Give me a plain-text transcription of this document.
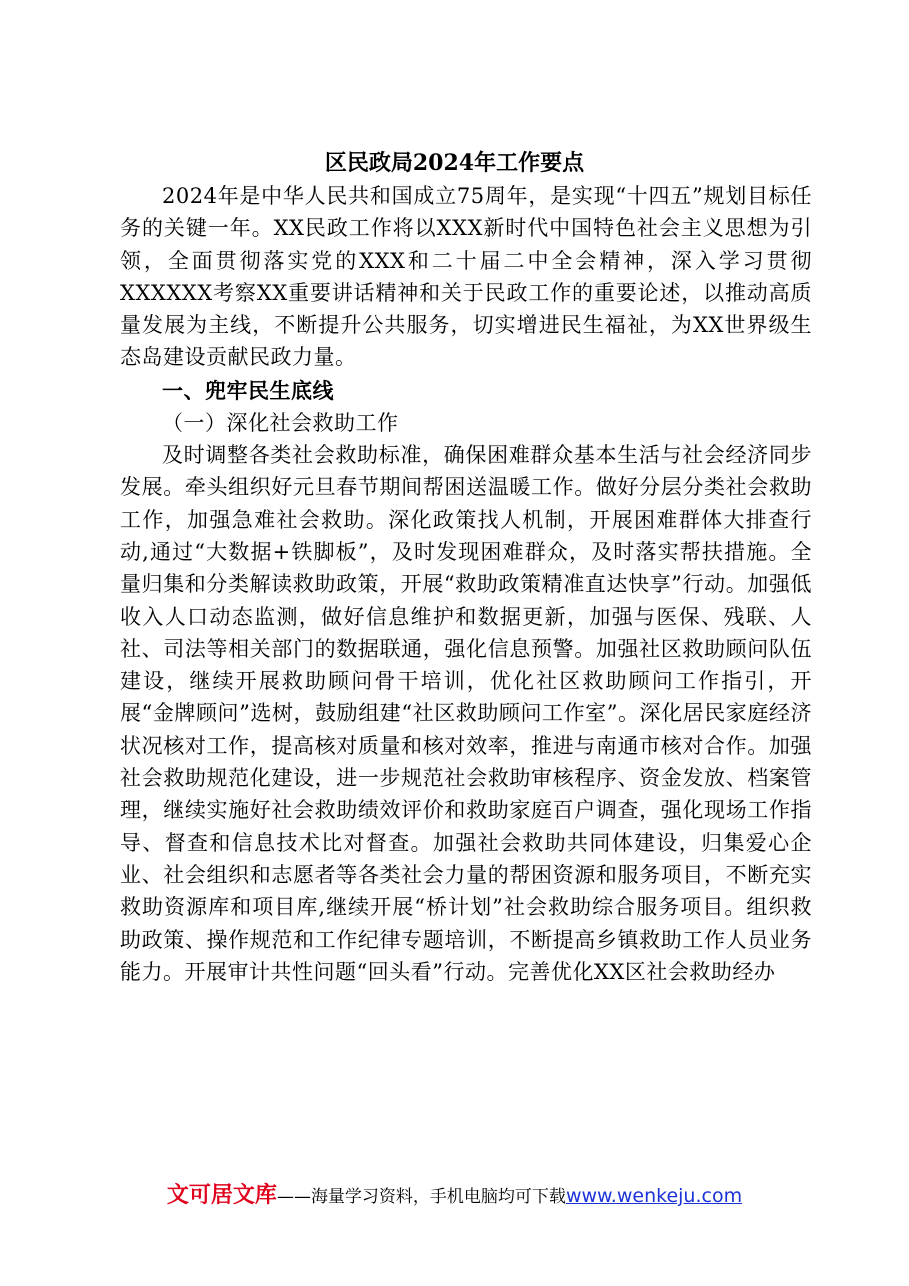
区民政局2024年工作要点

2024年是中华人民共和国成立75周年，是实现“十四五”规划目标任务的关键一年。XX民政工作将以XXX新时代中国特色社会主义思想为引领，全面贯彻落实党的XXX和二十届二中全会精神，深入学习贯彻XXXXXX考察XX重要讲话精神和关于民政工作的重要论述，以推动高质量发展为主线，不断提升公共服务，切实增进民生福祉，为XX世界级生态岛建设贡献民政力量。

一、兜牢民生底线

（一）深化社会救助工作

及时调整各类社会救助标准，确保困难群众基本生活与社会经济同步发展。牵头组织好元旦春节期间帮困送温暖工作。做好分层分类社会救助工作，加强急难社会救助。深化政策找人机制，开展困难群体大排查行动,通过“大数据+铁脚板”，及时发现困难群众，及时落实帮扶措施。全量归集和分类解读救助政策，开展“救助政策精准直达快享”行动。加强低收入人口动态监测，做好信息维护和数据更新，加强与医保、残联、人社、司法等相关部门的数据联通，强化信息预警。加强社区救助顾问队伍建设，继续开展救助顾问骨干培训，优化社区救助顾问工作指引，开展“金牌顾问”选树，鼓励组建“社区救助顾问工作室”。深化居民家庭经济状况核对工作，提高核对质量和核对效率，推进与南通市核对合作。加强社会救助规范化建设，进一步规范社会救助审核程序、资金发放、档案管理，继续实施好社会救助绩效评价和救助家庭百户调查，强化现场工作指导、督查和信息技术比对督查。加强社会救助共同体建设，归集爱心企业、社会组织和志愿者等各类社会力量的帮困资源和服务项目，不断充实救助资源库和项目库,继续开展“桥计划”社会救助综合服务项目。组织救助政策、操作规范和工作纪律专题培训，不断提高乡镇救助工作人员业务能力。开展审计共性问题“回头看”行动。完善优化XX区社会救助经办

文可居文库——海量学习资料，手机电脑均可下载www.wenkeju.com
